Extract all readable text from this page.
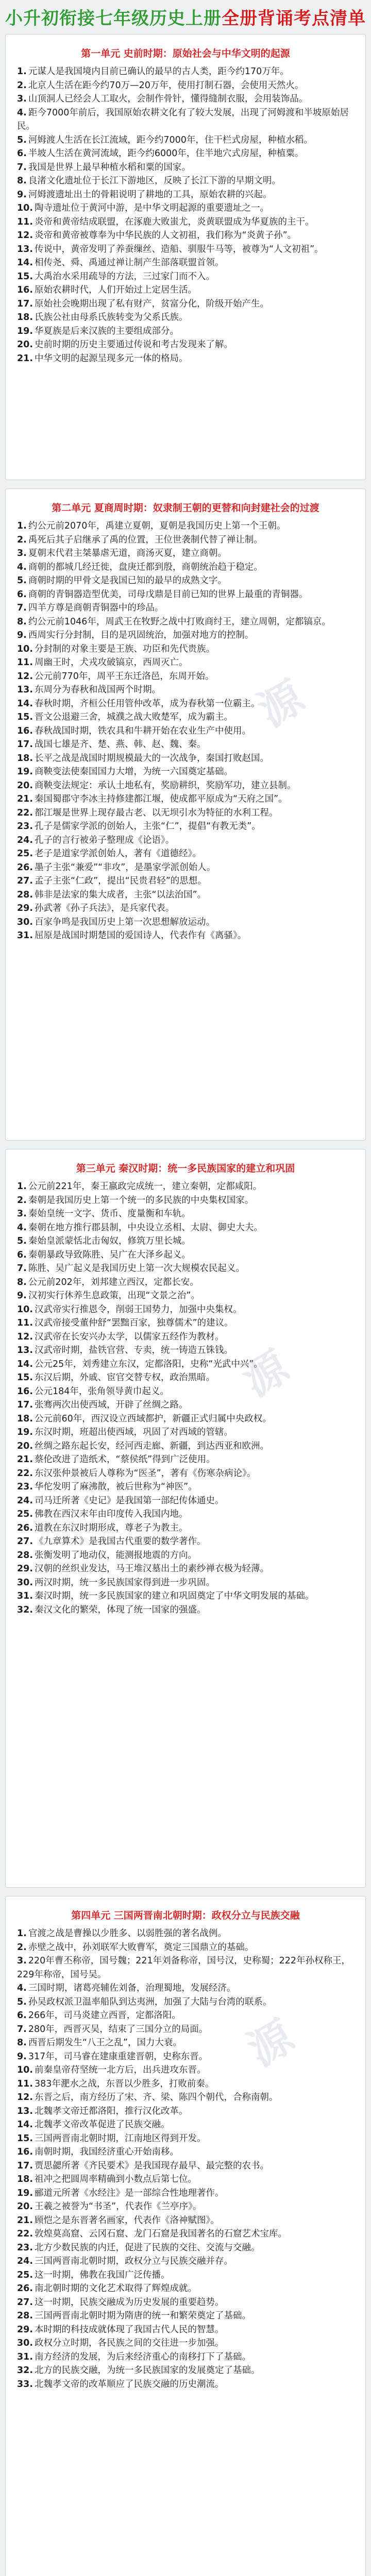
小升初衔接七年级历史上册 全册背诵考点清单
第一单元 史前时期：原始社会与中华文明的起源
1. 元谋人是我国境内目前已确认的最早的古人类，距今约170万年。
2. 北京人生活在距今约70万—20万年，使用打制石器，会使用天然火。
3. 山顶洞人已经会人工取火，会制作骨针，懂得缝制衣服，会用装饰品。
4. 距今7000年前后，我国原始农耕文化有了较大发展，出现了河姆渡和半坡原始居民。
5. 河姆渡人生活在长江流域，距今约7000年，住干栏式房屋，种植水稻。
6. 半坡人生活在黄河流域，距今约6000年，住半地穴式房屋，种植粟。
7. 我国是世界上最早种植水稻和粟的国家。
8. 良渚文化遗址位于长江下游地区，反映了长江下游的早期文明。
9. 河姆渡遗址出土的骨耜说明了耕地的工具，原始农耕的兴起。
10. 陶寺遗址位于黄河中游，是中华文明起源的重要遗址之一。
11. 炎帝和黄帝结成联盟，在涿鹿大败蚩尤，炎黄联盟成为华夏族的主干。
12. 炎帝和黄帝被尊奉为中华民族的人文初祖，我们称为“炎黄子孙”。
13. 传说中，黄帝发明了养蚕缫丝、造船、驯服牛马等，被尊为“人文初祖”。
14. 相传尧、舜、禹通过禅让制产生部落联盟首领。
15. 大禹治水采用疏导的方法，三过家门而不入。
16. 原始农耕时代，人们开始过上定居生活。
17. 原始社会晚期出现了私有财产，贫富分化，阶级开始产生。
18. 氏族公社由母系氏族转变为父系氏族。
19. 华夏族是后来汉族的主要组成部分。
20. 史前时期的历史主要通过传说和考古发现来了解。
21. 中华文明的起源呈现多元一体的格局。
第二单元 夏商周时期：奴隶制王朝的更替和向封建社会的过渡
1. 约公元前2070年，禹建立夏朝，夏朝是我国历史上第一个王朝。
2. 禹死后其子启继承了禹的位置，王位世袭制代替了禅让制。
3. 夏朝末代君主桀暴虐无道，商汤灭夏，建立商朝。
4. 商朝的都城几经迁徙，盘庚迁都到殷，商朝统治趋于稳定。
5. 商朝时期的甲骨文是我国已知的最早的成熟文字。
6. 商朝的青铜器造型优美，司母戊鼎是目前已知的世界上最重的青铜器。
7. 四羊方尊是商朝青铜器中的珍品。
8. 约公元前1046年，周武王在牧野之战中打败商纣王，建立周朝，定都镐京。
9. 西周实行分封制，目的是巩固统治，加强对地方的控制。
10. 分封制的对象主要是王族、功臣和先代贵族。
11. 周幽王时，犬戎攻破镐京，西周灭亡。
12. 公元前770年，周平王东迁洛邑，东周开始。
13. 东周分为春秋和战国两个时期。
14. 春秋时期，齐桓公任用管仲改革，成为春秋第一位霸主。
15. 晋文公退避三舍，城濮之战大败楚军，成为霸主。
16. 春秋战国时期，铁农具和牛耕开始在农业生产中使用。
17. 战国七雄是齐、楚、燕、韩、赵、魏、秦。
18. 长平之战是战国时期规模最大的一次战争，秦国打败赵国。
19. 商鞅变法使秦国国力大增，为统一六国奠定基础。
20. 商鞅变法规定：承认土地私有，奖励耕织，奖励军功，建立县制。
21. 秦国蜀郡守李冰主持修建都江堰，使成都平原成为“天府之国”。
22. 都江堰是世界上现存最古老、以无坝引水为特征的水利工程。
23. 孔子是儒家学派的创始人，主张“仁”，提倡“有教无类”。
24. 孔子的言行被弟子整理成《论语》。
25. 老子是道家学派创始人，著有《道德经》。
26. 墨子主张“兼爱”“非攻”，是墨家学派创始人。
27. 孟子主张“仁政”，提出“民贵君轻”的思想。
28. 韩非是法家的集大成者，主张“以法治国”。
29. 孙武著《孙子兵法》，是兵家代表。
30. 百家争鸣是我国历史上第一次思想解放运动。
31. 屈原是战国时期楚国的爱国诗人，代表作有《离骚》。
第三单元 秦汉时期：统一多民族国家的建立和巩固
1. 公元前221年，秦王嬴政完成统一，建立秦朝，定都咸阳。
2. 秦朝是我国历史上第一个统一的多民族的中央集权国家。
3. 秦始皇统一文字、货币、度量衡和车轨。
4. 秦朝在地方推行郡县制，中央设立丞相、太尉、御史大夫。
5. 秦始皇派蒙恬北击匈奴，修筑万里长城。
6. 秦朝暴政导致陈胜、吴广在大泽乡起义。
7. 陈胜、吴广起义是我国历史上第一次大规模农民起义。
8. 公元前202年，刘邦建立西汉，定都长安。
9. 汉初实行休养生息政策，出现“文景之治”。
10. 汉武帝实行推恩令，削弱王国势力，加强中央集权。
11. 汉武帝接受董仲舒“罢黜百家，独尊儒术”的建议。
12. 汉武帝在长安兴办太学，以儒家五经作为教材。
13. 汉武帝时期，盐铁官营、专卖，统一铸造五铢钱。
14. 公元25年，刘秀建立东汉，定都洛阳，史称“光武中兴”。
15. 东汉后期，外戚、宦官交替专权，政治黑暗。
16. 公元184年，张角领导黄巾起义。
17. 张骞两次出使西域，开辟了丝绸之路。
18. 公元前60年，西汉设立西域都护，新疆正式归属中央政权。
19. 东汉时期，班超出使西域，巩固了对西域的管辖。
20. 丝绸之路东起长安，经河西走廊、新疆，到达西亚和欧洲。
21. 蔡伦改进了造纸术，“蔡侯纸”得到广泛使用。
22. 东汉张仲景被后人尊称为“医圣”，著有《伤寒杂病论》。
23. 华佗发明了麻沸散，被后世称为“神医”。
24. 司马迁所著《史记》是我国第一部纪传体通史。
25. 佛教在西汉末年由印度传入我国内地。
26. 道教在东汉时期形成，尊老子为教主。
27. 《九章算术》是我国古代重要的数学著作。
28. 张衡发明了地动仪，能测报地震的方向。
29. 汉朝的丝织业发达，马王堆汉墓出土的素纱禅衣极为轻薄。
30. 两汉时期，统一多民族国家得到进一步巩固。
31. 秦汉时期，统一多民族国家的建立和巩固奠定了中华文明发展的基础。
32. 秦汉文化的繁荣，体现了统一国家的强盛。
第四单元 三国两晋南北朝时期：政权分立与民族交融
1. 官渡之战是曹操以少胜多、以弱胜强的著名战例。
2. 赤壁之战中，孙刘联军大败曹军，奠定三国鼎立的基础。
3. 220年曹丕称帝，国号魏；221年刘备称帝，国号汉，史称蜀；222年孙权称王，229年称帝，国号吴。
4. 三国时期，诸葛亮辅佐刘备，治理蜀地，发展经济。
5. 孙吴政权派卫温率船队到达夷洲，加强了大陆与台湾的联系。
6. 266年，司马炎建立西晋，定都洛阳。
7. 280年，西晋灭吴，结束了三国分立的局面。
8. 西晋后期发生“八王之乱”，国力大衰。
9. 317年，司马睿在建康重建晋朝，史称东晋。
10. 前秦皇帝苻坚统一北方后，出兵进攻东晋。
11. 383年淝水之战，东晋以少胜多，打败前秦。
12. 东晋之后，南方经历了宋、齐、梁、陈四个朝代，合称南朝。
13. 北魏孝文帝迁都洛阳，推行汉化改革。
14. 北魏孝文帝改革促进了民族交融。
15. 三国两晋南北朝时期，江南地区得到开发。
16. 南朝时期，我国经济重心开始南移。
17. 贾思勰所著《齐民要术》是我国现存最早、最完整的农书。
18. 祖冲之把圆周率精确到小数点后第七位。
19. 郦道元所著《水经注》是一部综合性地理著作。
20. 王羲之被誉为“书圣”，代表作《兰亭序》。
21. 顾恺之是东晋著名画家，代表作《洛神赋图》。
22. 敦煌莫高窟、云冈石窟、龙门石窟是我国著名的石窟艺术宝库。
23. 北方少数民族的内迁，促进了民族的交往、交流与交融。
24. 三国两晋南北朝时期，政权分立与民族交融并存。
25. 这一时期，佛教在我国广泛传播。
26. 南北朝时期的文化艺术取得了辉煌成就。
27. 这一时期，民族交融成为历史发展的重要趋势。
28. 三国两晋南北朝时期为隋唐的统一和繁荣奠定了基础。
29. 本时期的科技成就体现了我国古代人民的智慧。
30. 政权分立时期，各民族之间的交往进一步加强。
31. 南方经济的发展，为后来经济重心的南移打下了基础。
32. 北方的民族交融，为统一多民族国家的发展奠定了基础。
33. 北魏孝文帝的改革顺应了民族交融的历史潮流。
源
源
源
